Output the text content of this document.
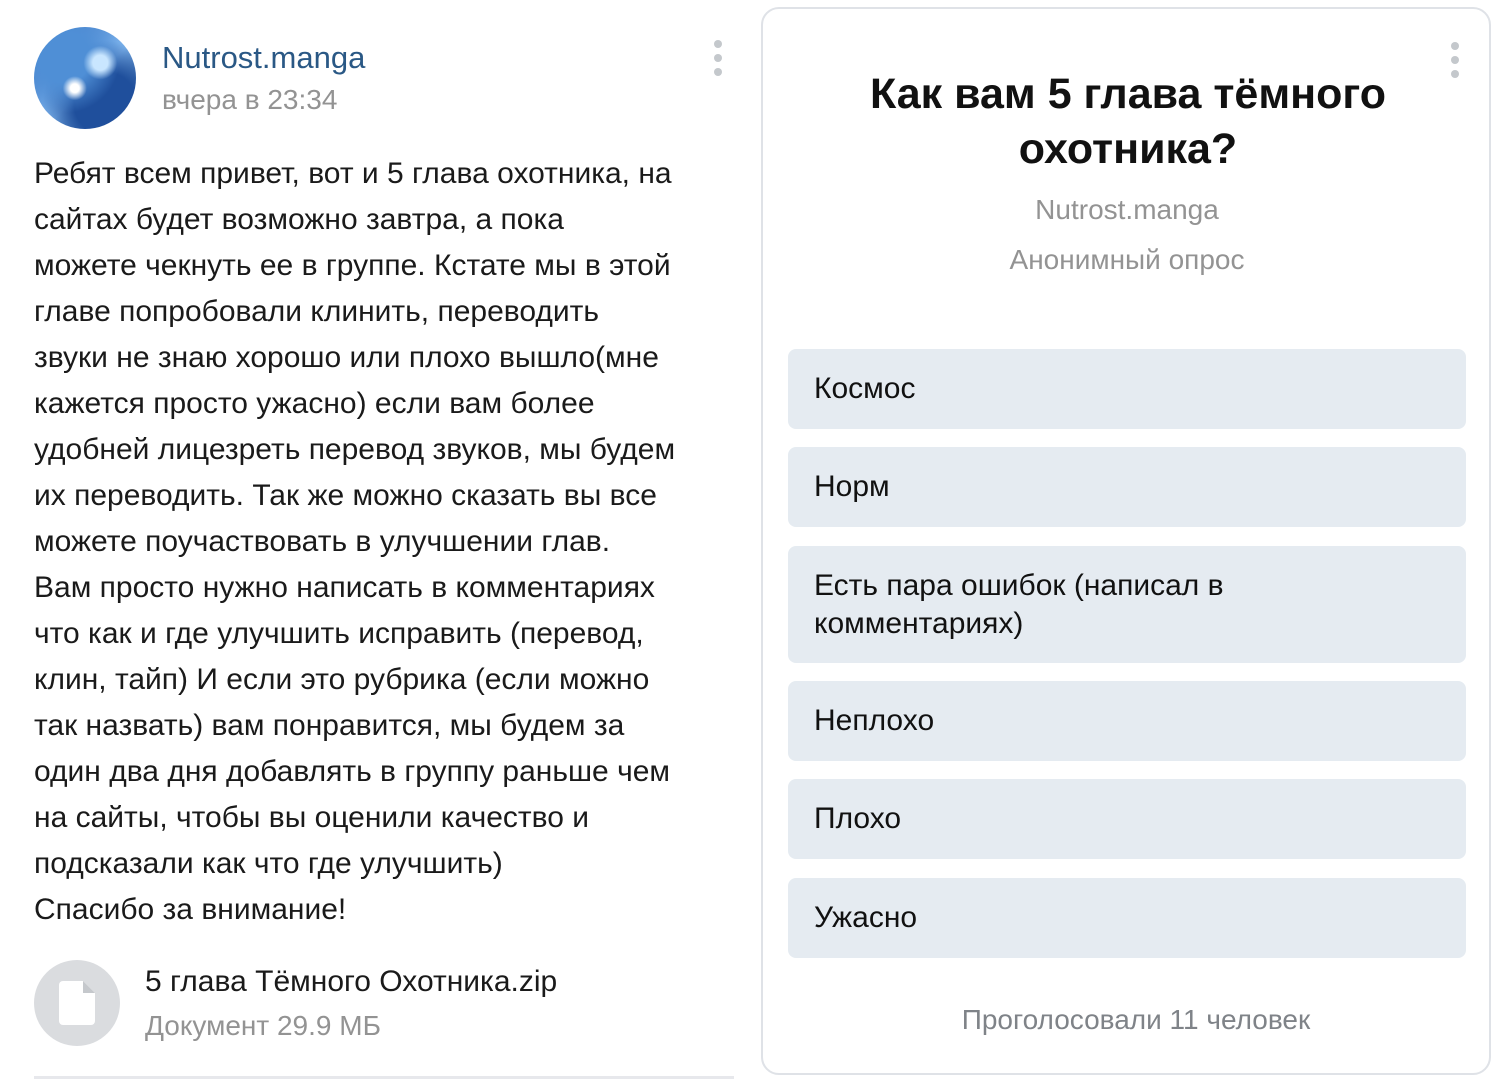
Nutrost.manga
вчера в 23:34
Ребят всем привет, вот и 5 глава охотника, на
сайтах будет возможно завтра, а пока
можете чекнуть ее в группе. Кстате мы в этой
главе попробовали клинить, переводить
звуки не знаю хорошо или плохо вышло(мне
кажется просто ужасно) если вам более
удобней лицезреть перевод звуков, мы будем
их переводить. Так же можно сказать вы все
можете поучаствовать в улучшении глав.
Вам просто нужно написать в комментариях
что как и где улучшить исправить (перевод,
клин, тайп) И если это рубрика (если можно
так назвать) вам понравится, мы будем за
один два дня добавлять в группу раньше чем
на сайты, чтобы вы оценили качество и
подсказали как что где улучшить)
Спасибо за внимание!
5 глава Тёмного Охотника.zip
Документ 29.9 МБ
Как вам 5 глава тёмного охотника?
Nutrost.manga
Анонимный опрос
Космос
Норм
Есть пара ошибок (написал в комментариях)
Неплохо
Плохо
Ужасно
Проголосовали 11 человек
